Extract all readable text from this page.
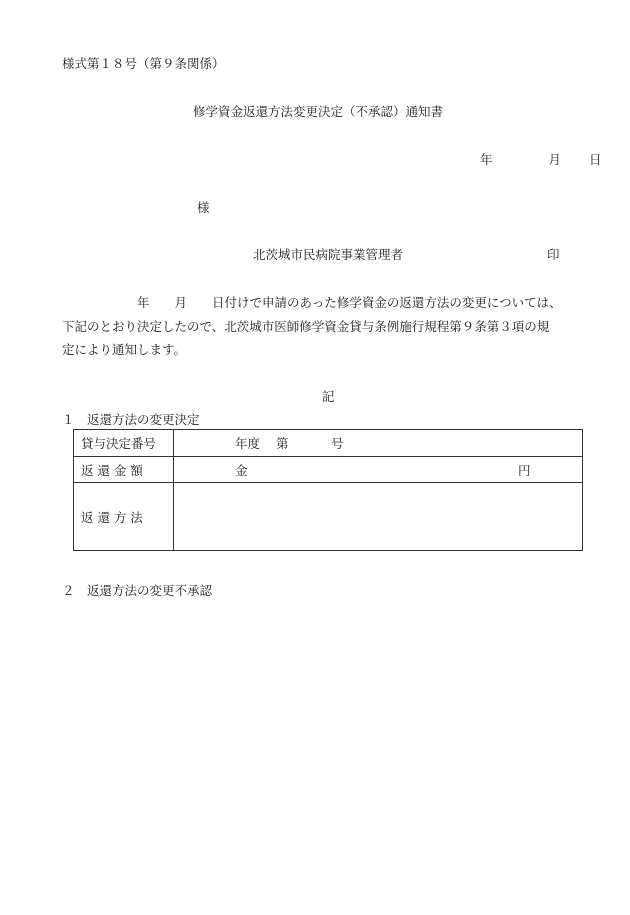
様式第１８号（第９条関係）
修学資金返還方法変更決定（不承認）通知書
年	月 日
様
北茨城市民病院事業管理者	印
　　　　　　年　　月　　日付けで申請のあった修学資金の返還方法の変更については、
下記のとおり決定したので、北茨城市医師修学資金貸与条例施行規程第９条第３項の規
定により通知します。
記
１　返還方法の変更決定
貸与決定番号	年度 第 号

返 還 金 額	金 円

返 還 方 法	
２　返還方法の変更不承認
